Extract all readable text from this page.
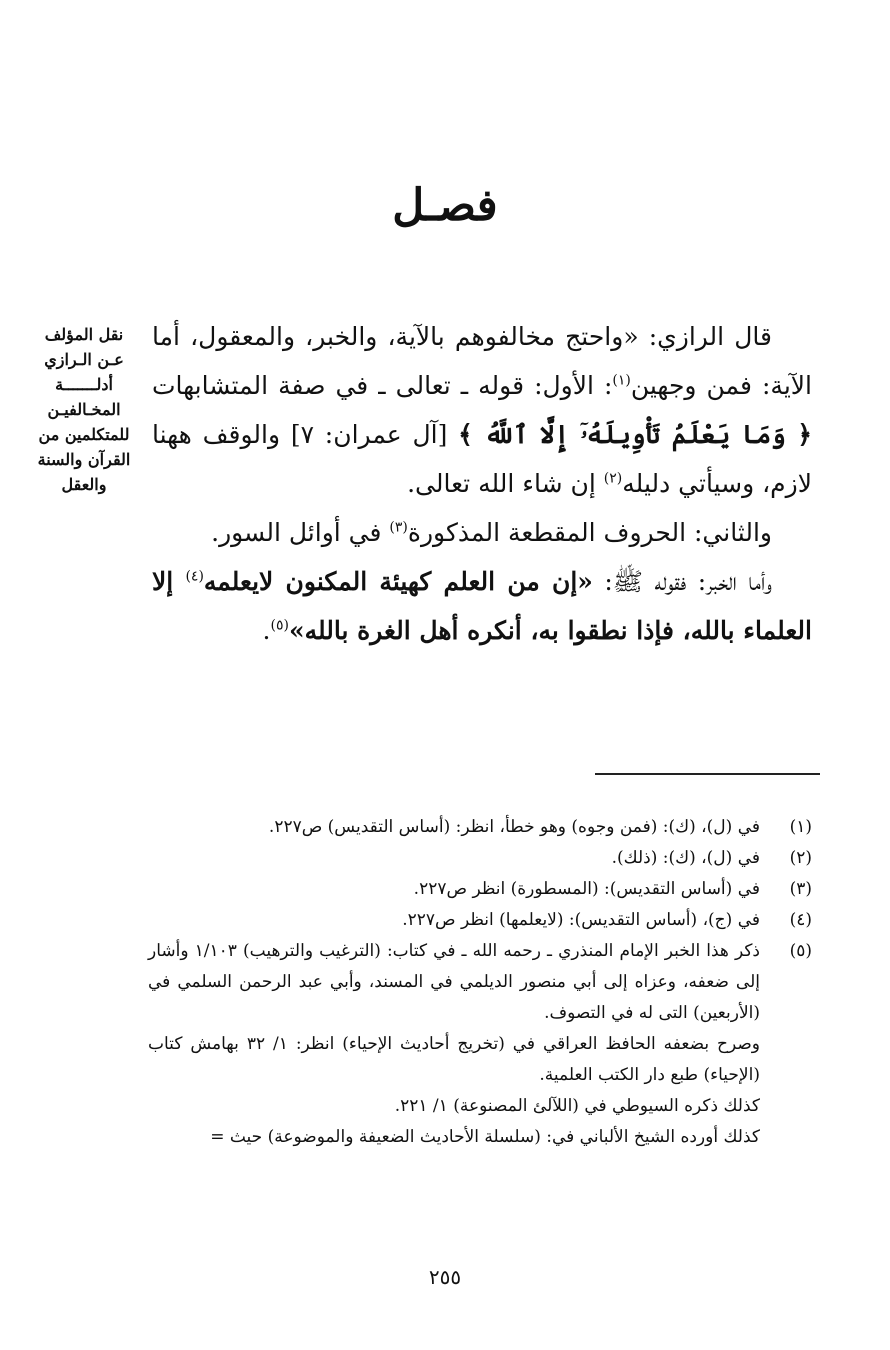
فصـل
نقل المؤلف
عـن الـرازي
أدلـــــــة
المخـالفيـن
للمتكلمين من
القرآن والسنة
والعقل

قال الرازي: «واحتج مخالفوهم بالآية، والخبر، والمعقول، أما الآية: فمن وجهين$^{(١)}$: الأول: قوله ـ تعالى ـ في صفة المتشابهات ﴿ وَمَا يَعْلَمُ تَأْوِيلَهُۥٓ إِلَّا ٱللَّهُ ﴾ [آل عمران: ٧] والوقف ههنا لازم، وسيأتي دليله$^{(٢)}$ إن شاء الله تعالى.

والثاني: الحروف المقطعة المذكورة$^{(٣)}$ في أوائل السور.

وأما الخبر: فقوله ﷺ: «إن من العلم كهيئة المكنون لايعلمه$^{(٤)}$ إلا العلماء بالله، فإذا نطقوا به، أنكره أهل الغرة بالله»$^{(٥)}$.

(١)
في (ل)، (ك): (فمن وجوه) وهو خطأ، انظر: (أساس التقديس) ص٢٢٧.
(٢)
في (ل)، (ك): (ذلك).
(٣)
في (أساس التقديس): (المسطورة) انظر ص٢٢٧.
(٤)
في (ج)، (أساس التقديس): (لايعلمها) انظر ص٢٢٧.
(٥)
ذكر هذا الخبر الإمام المنذري ـ رحمه الله ـ في كتاب: (الترغيب والترهيب) ١/١٠٣ وأشار إلى ضعفه، وعزاه إلى أبي منصور الديلمي في المسند، وأبي عبد الرحمن السلمي في (الأربعين) التى له في التصوف.
وصرح بضعفه الحافظ العراقي في (تخريج أحاديث الإحياء) انظر: ١/ ٣٢ بهامش كتاب (الإحياء) طبع دار الكتب العلمية.
كذلك ذكره السيوطي في (اللآلئ المصنوعة) ١/ ٢٢١.
كذلك أورده الشيخ الألباني في: (سلسلة الأحاديث الضعيفة والموضوعة) حيث =
٢٥٥
